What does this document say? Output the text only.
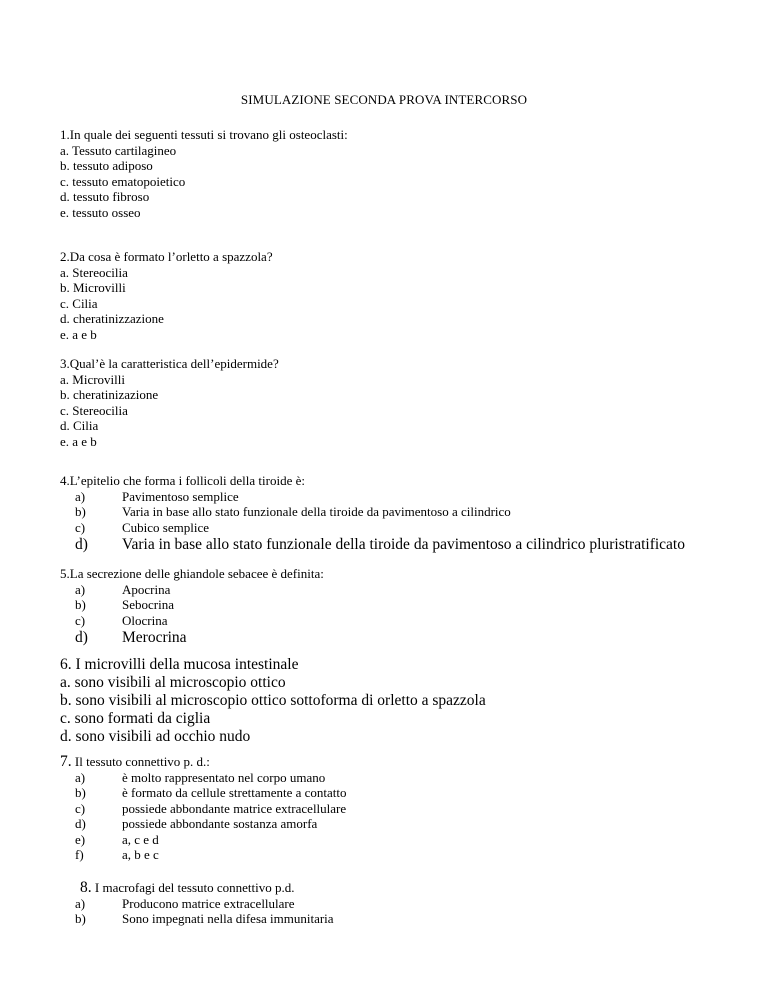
SIMULAZIONE SECONDA PROVA INTERCORSO

1.In quale dei seguenti tessuti si trovano gli osteoclasti:

a. Tessuto cartilagineo

b. tessuto adiposo

c. tessuto ematopoietico

d. tessuto fibroso

e. tessuto osseo

2.Da cosa è formato l’orletto a spazzola?

a. Stereocilia

b. Microvilli

c. Cilia

d. cheratinizzazione

e. a e b

3.Qual’è la caratteristica dell’epidermide?

a. Microvilli

b. cheratinizazione

c. Stereocilia

d. Cilia

e. a e b

4.L’epitelio che forma i follicoli della tiroide è:

a)	Pavimentoso semplice
b)	Varia in base allo stato funzionale della tiroide da pavimentoso a cilindrico
c)	Cubico semplice
d) Varia in base allo stato funzionale della tiroide da pavimentoso a cilindrico pluristratificato

5.La secrezione delle ghiandole sebacee è definita:

a)	Apocrina
b)	Sebocrina
c)	Olocrina
d) Merocrina

6. I microvilli della mucosa intestinale

a. sono visibili al microscopio ottico

b. sono visibili al microscopio ottico sottoforma di orletto a spazzola

c. sono formati da ciglia

d. sono visibili ad occhio nudo

7. Il tessuto connettivo p. d.:

a)	è molto rappresentato nel corpo umano
b)	è formato da cellule strettamente a contatto
c)	possiede abbondante matrice extracellulare
d)	possiede abbondante sostanza amorfa
e)	a, c e d
f)	a, b e c

8. I macrofagi del tessuto connettivo p.d.

a)	Producono matrice extracellulare
b)	Sono impegnati nella difesa immunitaria
